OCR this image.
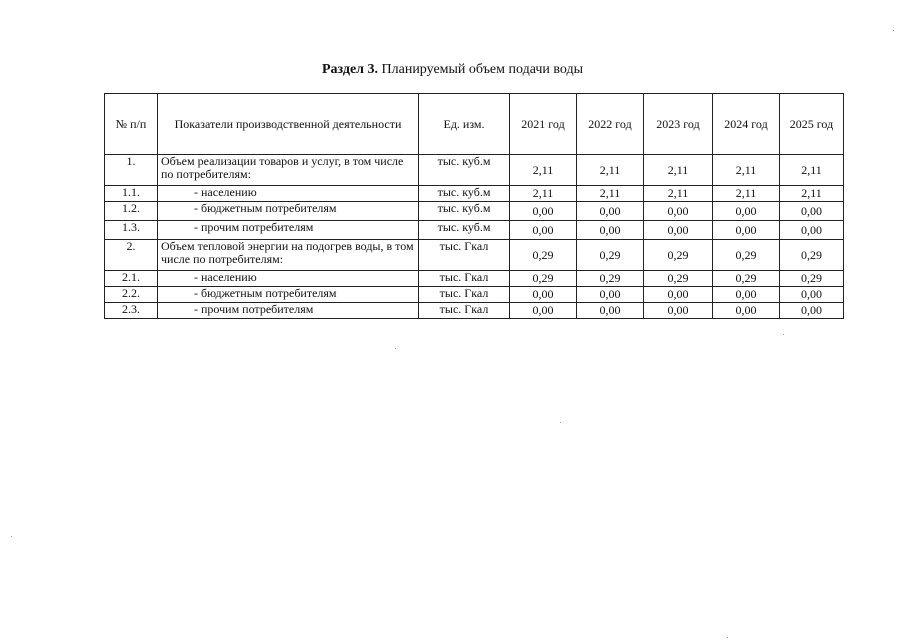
Раздел 3. Планируемый объем подачи воды
№ п/п	Показатели производственной деятельности	Ед. изм.	2021 год	2022 год	2023 год	2024 год	2025 год
1.	Объем реализации товаров и услуг, в том числе по потребителям:	тыс. куб.м	2,11	2,11	2,11	2,11	2,11
1.1.	- населению	тыс. куб.м	2,11	2,11	2,11	2,11	2,11
1.2.	- бюджетным потребителям	тыс. куб.м	0,00	0,00	0,00	0,00	0,00
1.3.	- прочим потребителям	тыс. куб.м	0,00	0,00	0,00	0,00	0,00
2.	Объем тепловой энергии на подогрев воды, в том числе по потребителям:	тыс. Гкал	0,29	0,29	0,29	0,29	0,29
2.1.	- населению	тыс. Гкал	0,29	0,29	0,29	0,29	0,29
2.2.	- бюджетным потребителям	тыс. Гкал	0,00	0,00	0,00	0,00	0,00
2.3.	- прочим потребителям	тыс. Гкал	0,00	0,00	0,00	0,00	0,00
